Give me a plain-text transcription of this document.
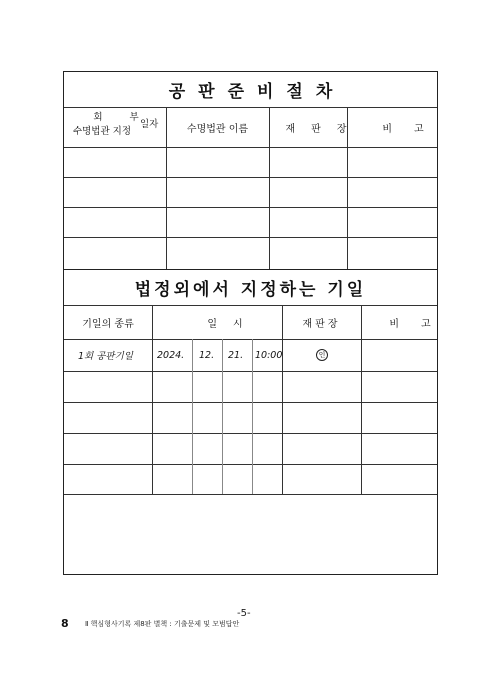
공판준비절차
회 부
수명법관 지정
일자	수명법관 이름	재판장	비고
법정외에서 지정하는 기일
기일의 종류	일시	재판장	비고
1회 공판기일	2024. 12. 21. 10:00	인
-5-
8 Ⅱ 핵심형사기록 제8판 별책 : 기출문제 및 모범답안
